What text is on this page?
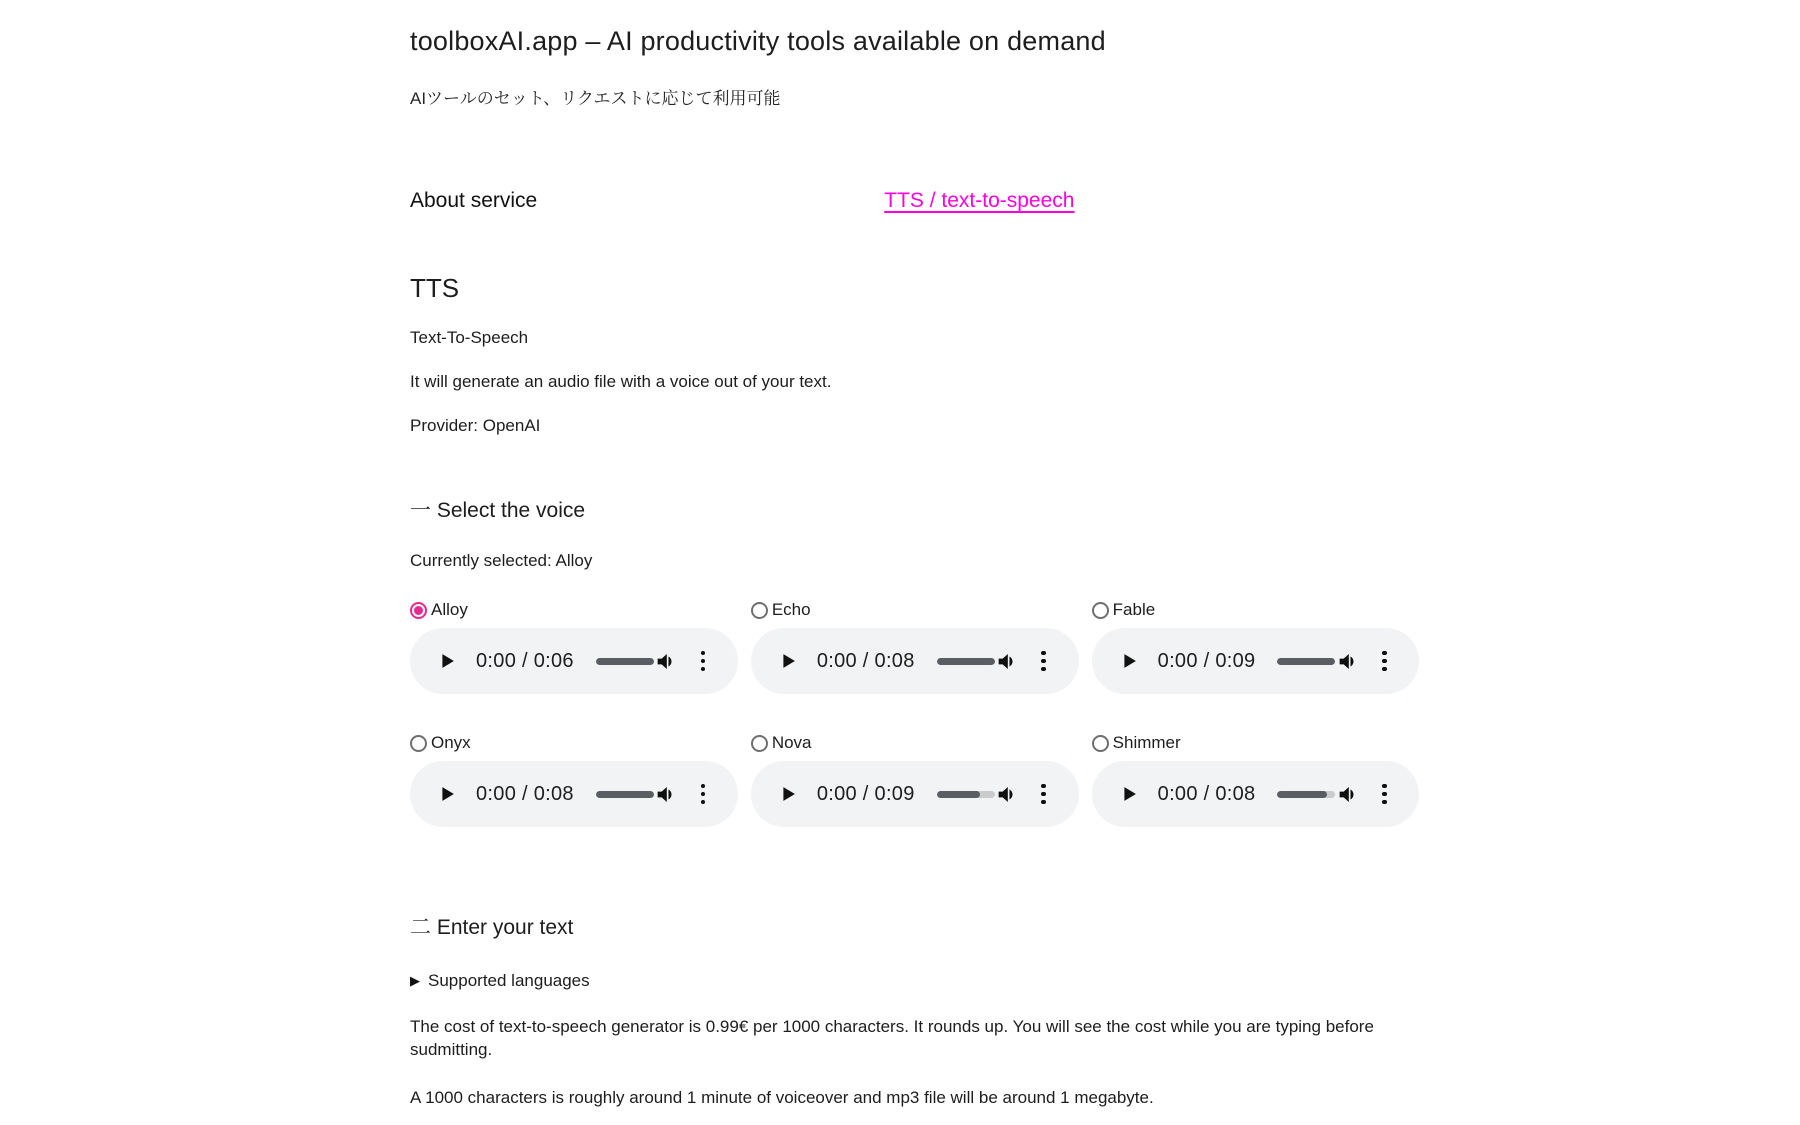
toolboxAI.app – AI productivity tools available on demand
AIツールのセット、リクエストに応じて利用可能
About service	TTS / text-to-speech
TTS

Text-To-Speech

It will generate an audio file with a voice out of your text.

Provider: OpenAI

一 Select the voice

Currently selected: Alloy

Alloy
0:00 / 0:06
Echo
0:00 / 0:08
Fable
0:00 / 0:09
Onyx
0:00 / 0:08
Nova
0:00 / 0:09
Shimmer
0:00 / 0:08
二 Enter your text
▶ Supported languages

The cost of text-to-speech generator is 0.99€ per 1000 characters. It rounds up. You will see the cost while you are typing before sudmitting.

A 1000 characters is roughly around 1 minute of voiceover and mp3 file will be around 1 megabyte.
